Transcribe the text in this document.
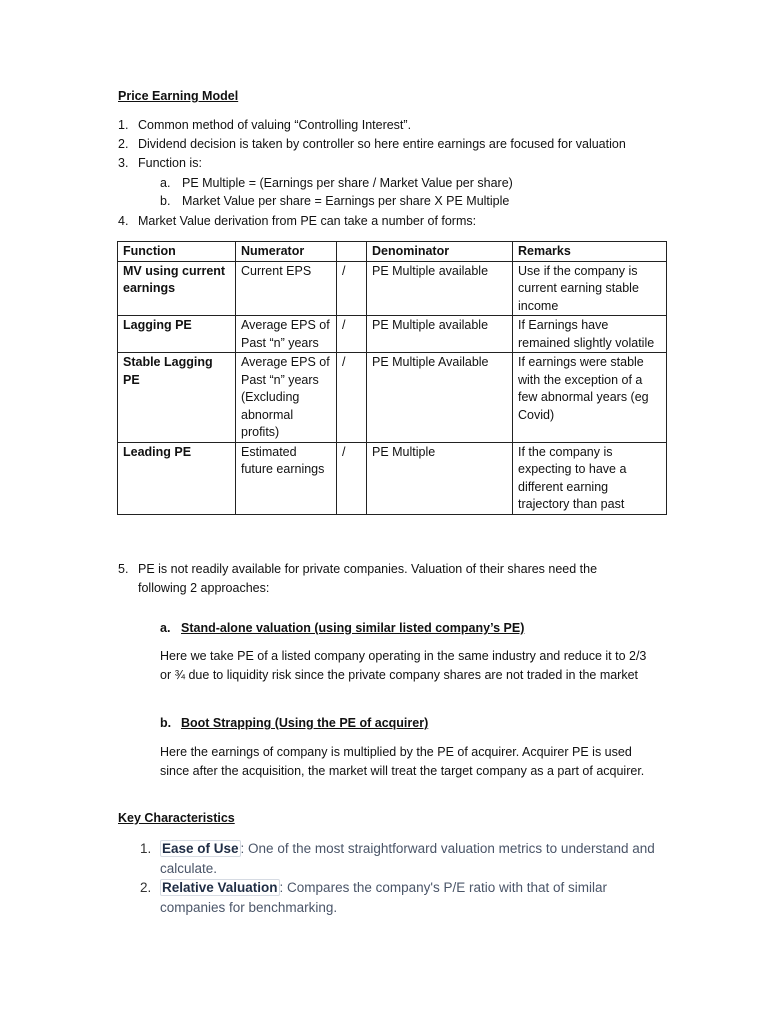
Price Earning Model
1. Common method of valuing “Controlling Interest”.
2. Dividend decision is taken by controller so here entire earnings are focused for valuation
3. Function is:
a. PE Multiple = (Earnings per share / Market Value per share)
b. Market Value per share = Earnings per share X PE Multiple
4. Market Value derivation from PE can take a number of forms:
Function	Numerator		Denominator	Remarks
MV using current earnings	Current EPS	/	PE Multiple available	Use if the company is current earning stable income
Lagging PE	Average EPS of Past “n” years	/	PE Multiple available	If Earnings have remained slightly volatile
Stable Lagging PE	Average EPS of Past “n” years (Excluding abnormal profits)	/	PE Multiple Available	If earnings were stable with the exception of a few abnormal years (eg Covid)
Leading PE	Estimated future earnings	/	PE Multiple	If the company is expecting to have a different earning trajectory than past
5. PE is not readily available for private companies. Valuation of their shares need the following 2 approaches:
a. Stand-alone valuation (using similar listed company’s PE)
Here we take PE of a listed company operating in the same industry and reduce it to 2/3 or ¾ due to liquidity risk since the private company shares are not traded in the market
b. Boot Strapping (Using the PE of acquirer)
Here the earnings of company is multiplied by the PE of acquirer. Acquirer PE is used since after the acquisition, the market will treat the target company as a part of acquirer.
Key Characteristics
1. Ease of Use : One of the most straightforward valuation metrics to understand and calculate.
2. Relative Valuation : Compares the company's P/E ratio with that of similar companies for benchmarking.
